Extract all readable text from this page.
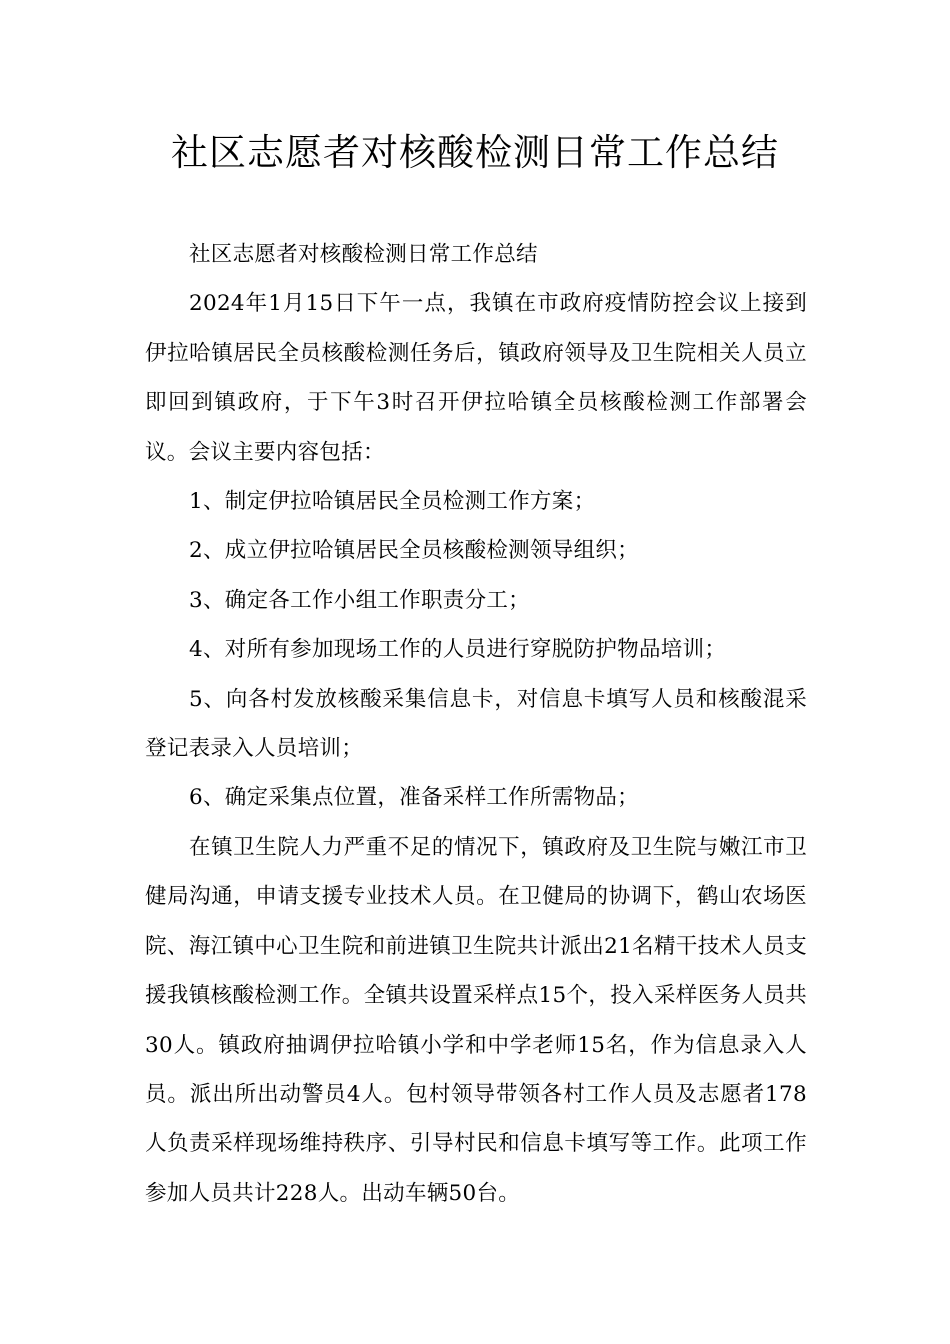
社区志愿者对核酸检测日常工作总结

社区志愿者对核酸检测日常工作总结

2024年1月15日下午一点，我镇在市政府疫情防控会议上接到伊拉哈镇居民全员核酸检测任务后，镇政府领导及卫生院相关人员立即回到镇政府，于下午3时召开伊拉哈镇全员核酸检测工作部署会议。会议主要内容包括：

1、制定伊拉哈镇居民全员检测工作方案；

2、成立伊拉哈镇居民全员核酸检测领导组织；

3、确定各工作小组工作职责分工；

4、对所有参加现场工作的人员进行穿脱防护物品培训；

5、向各村发放核酸采集信息卡，对信息卡填写人员和核酸混采登记表录入人员培训；

6、确定采集点位置，准备采样工作所需物品；

在镇卫生院人力严重不足的情况下，镇政府及卫生院与嫩江市卫健局沟通，申请支援专业技术人员。在卫健局的协调下，鹤山农场医院、海江镇中心卫生院和前进镇卫生院共计派出21名精干技术人员支援我镇核酸检测工作。全镇共设置采样点15个，投入采样医务人员共30人。镇政府抽调伊拉哈镇小学和中学老师15名，作为信息录入人员。派出所出动警员4人。包村领导带领各村工作人员及志愿者178人负责采样现场维持秩序、引导村民和信息卡填写等工作。此项工作参加人员共计228人。出动车辆50台。
